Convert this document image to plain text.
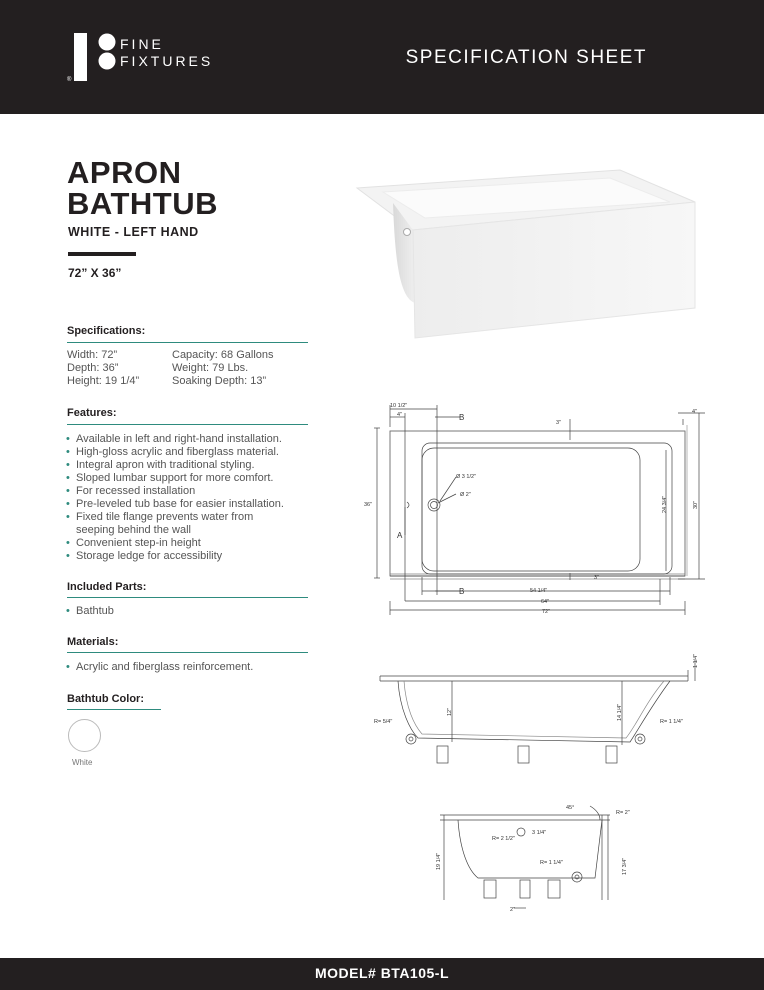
FINE
FIXTURES
®
SPECIFICATION SHEET
APRON
BATHTUB
WHITE - LEFT HAND
72” X 36”
Specifications:
Width: 72”	Capacity: 68 Gallons
Depth: 36”	Weight: 79 Lbs.
Height: 19 1/4”	Soaking Depth: 13”
Features:
• Available in left and right-hand installation.
• High-gloss acrylic and fiberglass material.
• Integral apron with traditional styling.
• Sloped lumbar support for more comfort.
• For recessed installation
• Pre-leveled tub base for easier installation.
• Fixed tile flange prevents water from
seeping behind the wall
• Convenient step-in height
• Storage ledge for accessibility
Included Parts:
• Bathtub
Materials:
• Acrylic and fiberglass reinforcement.
Bathtub Color:
White
10 1/2"
4"
3"
4"
Ø 3 1/2"
Ø 2"
24 3/4"	30"
36"
3"
54 1/4"
64"
72"
A
B
B
1 1/4"
R= 5/4"
12"	14 1/4"
R= 1 1/4"
45°
R= 2"
R= 2 1/2"
3 1/4"
19 1/4"	R= 1 1/4"	17 3/4"
2"
MODEL# BTA105-L
